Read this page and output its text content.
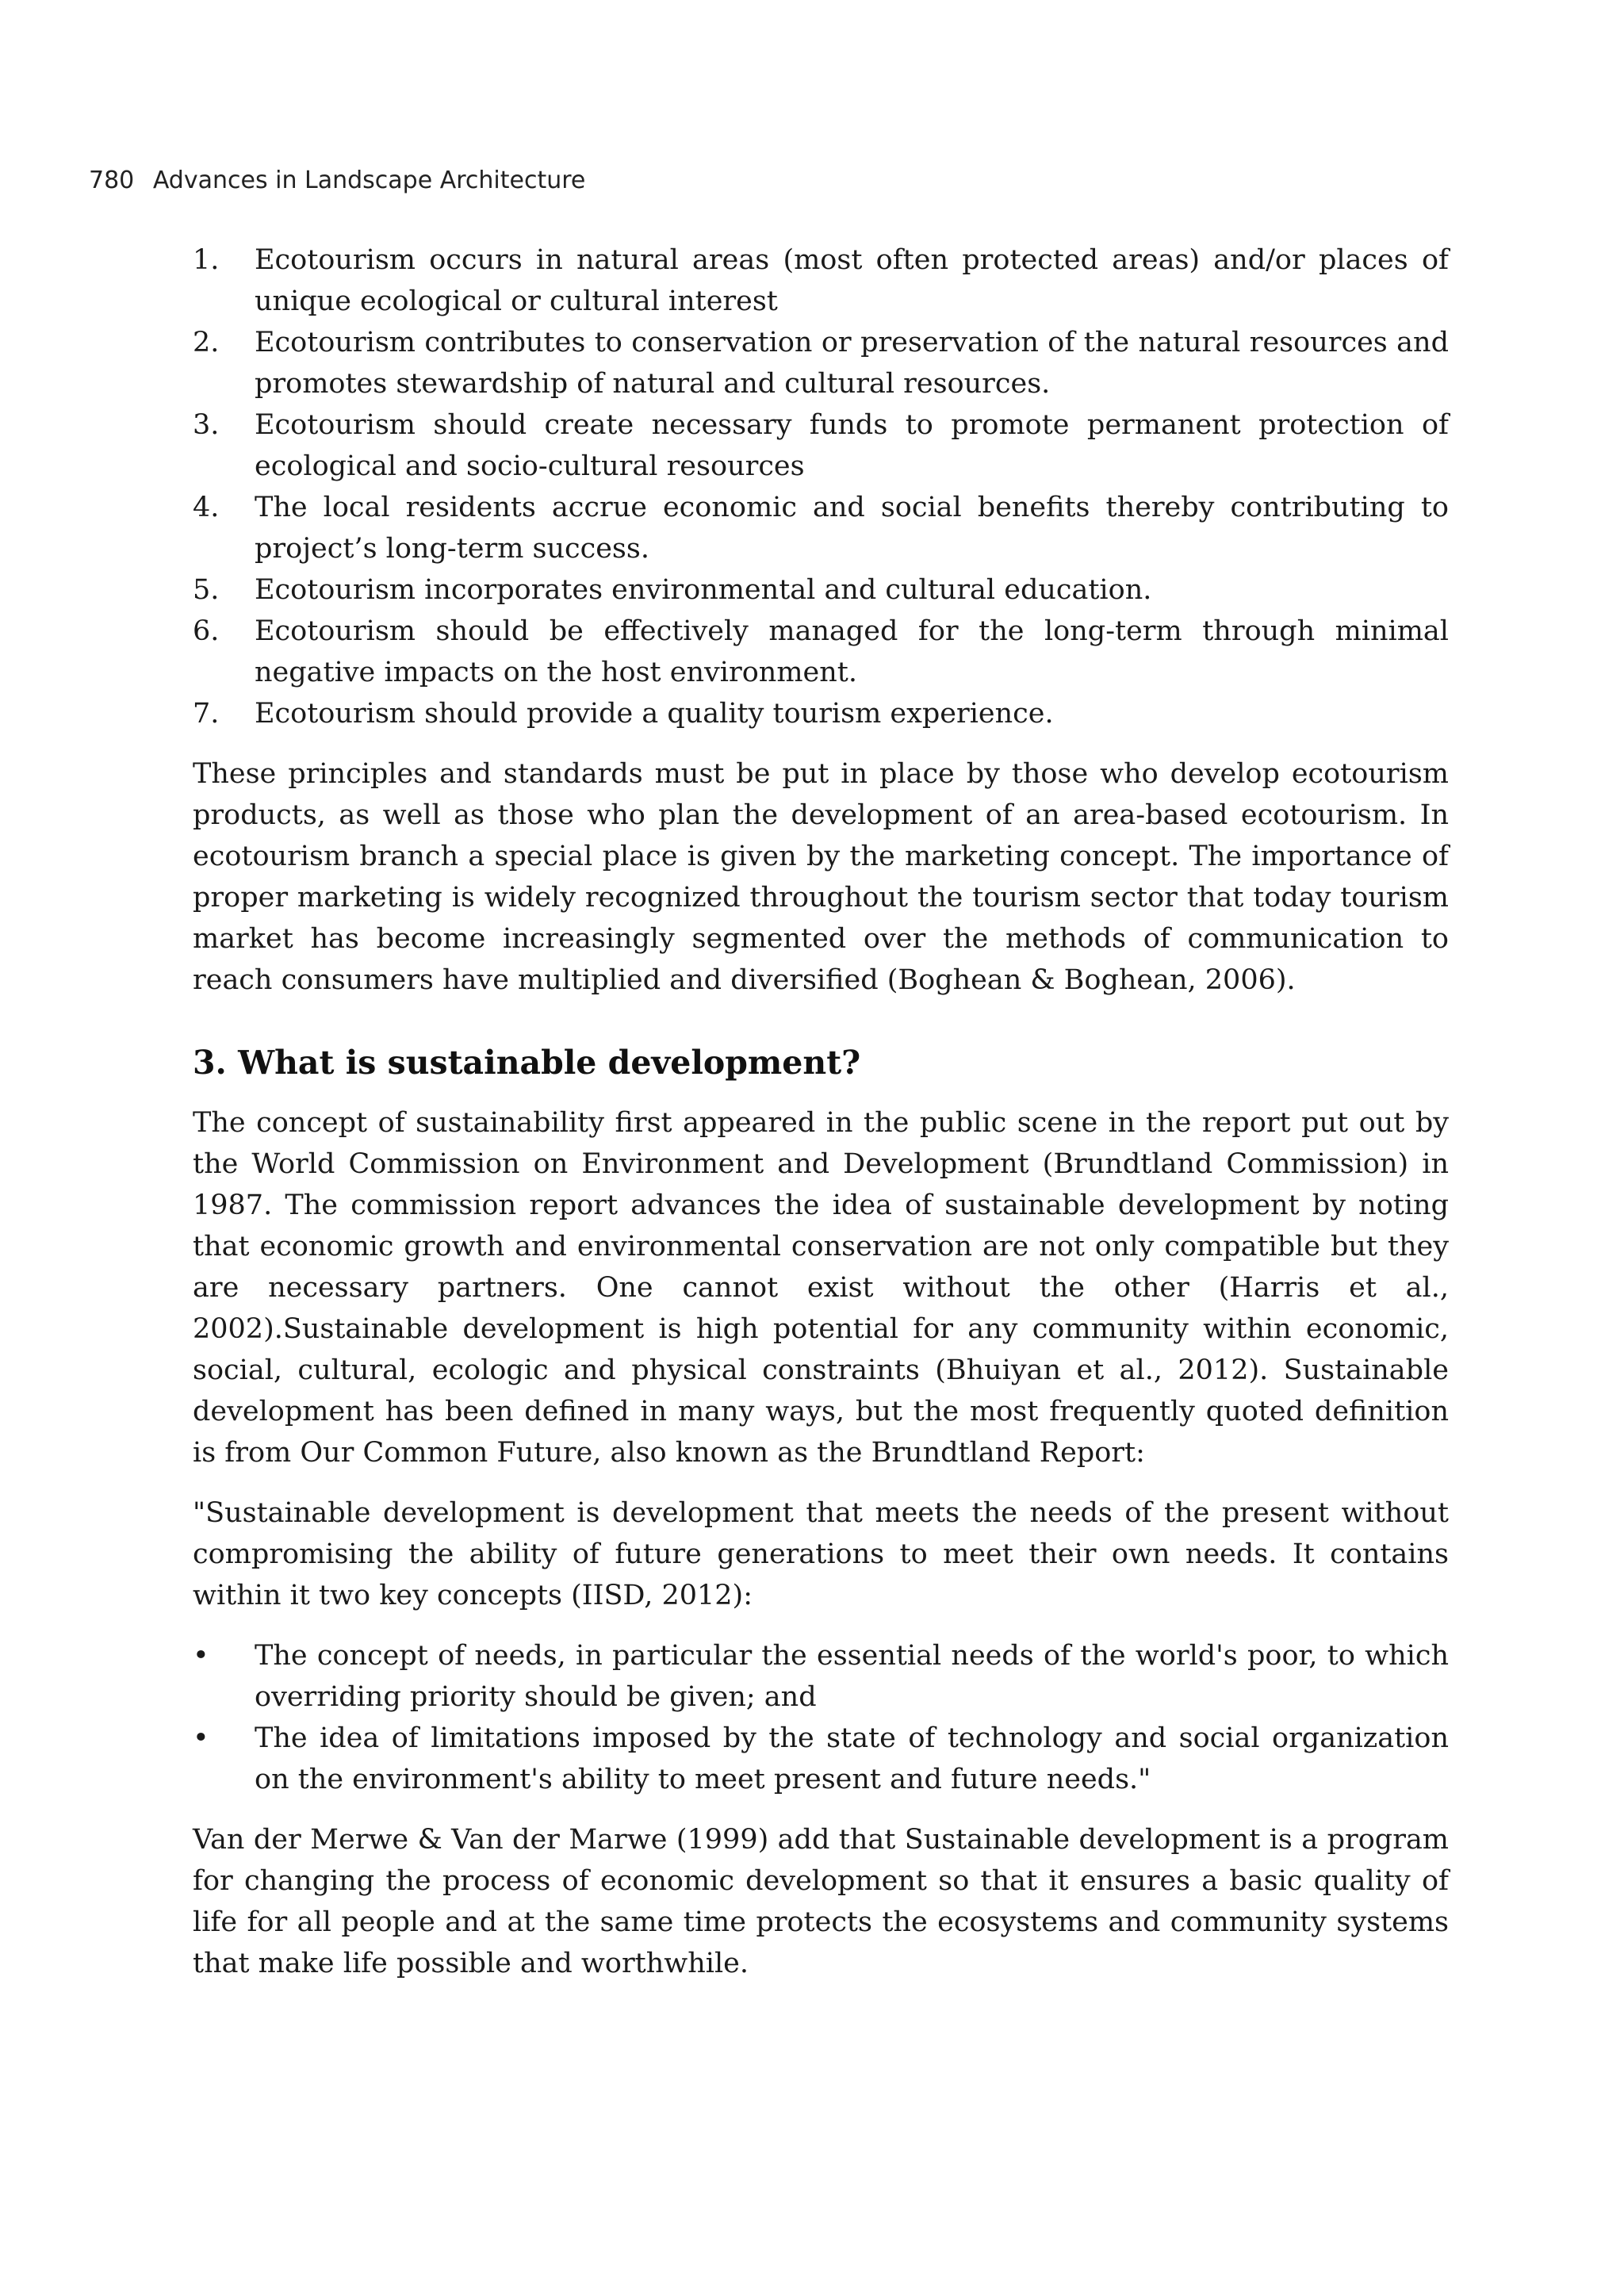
780 Advances in Landscape Architecture
1. Ecotourism occurs in natural areas (most often protected areas) and/or places of unique ecological or cultural interest
2. Ecotourism contributes to conservation or preservation of the natural resources and promotes stewardship of natural and cultural resources.
3. Ecotourism should create necessary funds to promote permanent protection of ecological and socio-cultural resources
4. The local residents accrue economic and social benefits thereby contributing to project’s long-term success.
5. Ecotourism incorporates environmental and cultural education.
6. Ecotourism should be effectively managed for the long-term through minimal negative impacts on the host environment.
7. Ecotourism should provide a quality tourism experience.

These principles and standards must be put in place by those who develop ecotourism products, as well as those who plan the development of an area-based ecotourism. In ecotourism branch a special place is given by the marketing concept. The importance of proper marketing is widely recognized throughout the tourism sector that today tourism market has become increasingly segmented over the methods of communication to reach consumers have multiplied and diversified (Boghean & Boghean, 2006).

3. What is sustainable development?

The concept of sustainability first appeared in the public scene in the report put out by the World Commission on Environment and Development (Brundtland Commission) in 1987. The commission report advances the idea of sustainable development by noting that economic growth and environmental conservation are not only compatible but they are necessary partners. One cannot exist without the other (Harris et al., 2002).Sustainable development is high potential for any community within economic, social, cultural, ecologic and physical constraints (Bhuiyan et al., 2012). Sustainable development has been defined in many ways, but the most frequently quoted definition is from Our Common Future, also known as the Brundtland Report:

"Sustainable development is development that meets the needs of the present without compromising the ability of future generations to meet their own needs. It contains within it two key concepts (IISD, 2012):

• The concept of needs, in particular the essential needs of the world's poor, to which overriding priority should be given; and
• The idea of limitations imposed by the state of technology and social organization on the environment's ability to meet present and future needs."

Van der Merwe & Van der Marwe (1999) add that Sustainable development is a program for changing the process of economic development so that it ensures a basic quality of life for all people and at the same time protects the ecosystems and community systems that make life possible and worthwhile.
